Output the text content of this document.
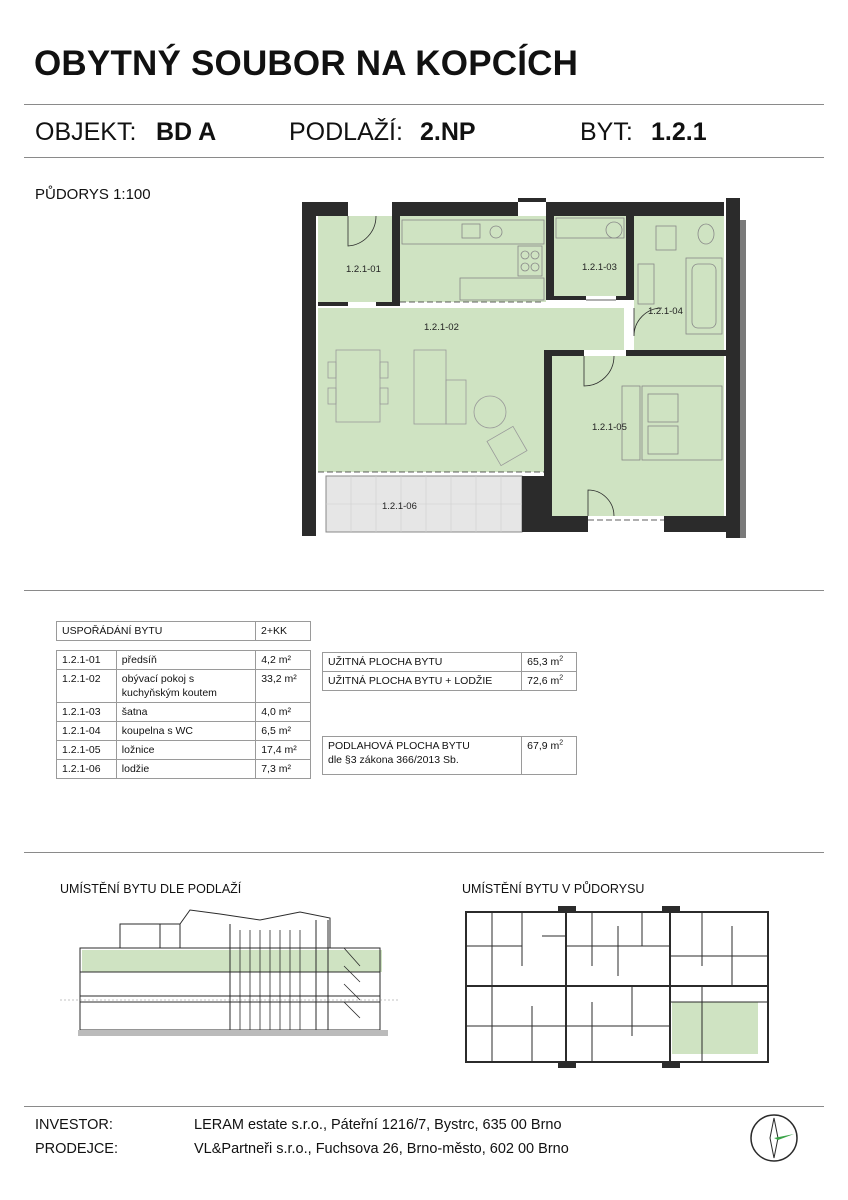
OBYTNÝ SOUBOR NA KOPCÍCH
OBJEKT: BD A	PODLAŽÍ: 2.NP	BYT: 1.2.1
PŮDORYS 1:100
1.2.1-01
1.2.1-02
1.2.1-03
1.2.1-04
1.2.1-05
1.2.1-06
USPOŘÁDÁNÍ BYTU	2+KK
1.2.1-01	předsíň	4,2 m²
1.2.1-02	obývací pokoj s kuchyňským koutem	33,2 m²
1.2.1-03	šatna	4,0 m²
1.2.1-04	koupelna s WC	6,5 m²
1.2.1-05	ložnice	17,4 m²
1.2.1-06	lodžie	7,3 m²
UŽITNÁ PLOCHA BYTU	65,3 $m^2$
UŽITNÁ PLOCHA BYTU + LODŽIE	72,6 $m^2$
PODLAHOVÁ PLOCHA BYTU
dle §3 zákona 366/2013 Sb.
	67,9 $m^2$
UMÍSTĚNÍ BYTU DLE PODLAŽÍ	UMÍSTĚNÍ BYTU V PŮDORYSU
INVESTOR:	LERAM estate s.r.o., Páteřní 1216/7, Bystrc, 635 00 Brno
PRODEJCE:	VL&Partneři s.r.o., Fuchsova 26, Brno-město, 602 00 Brno
